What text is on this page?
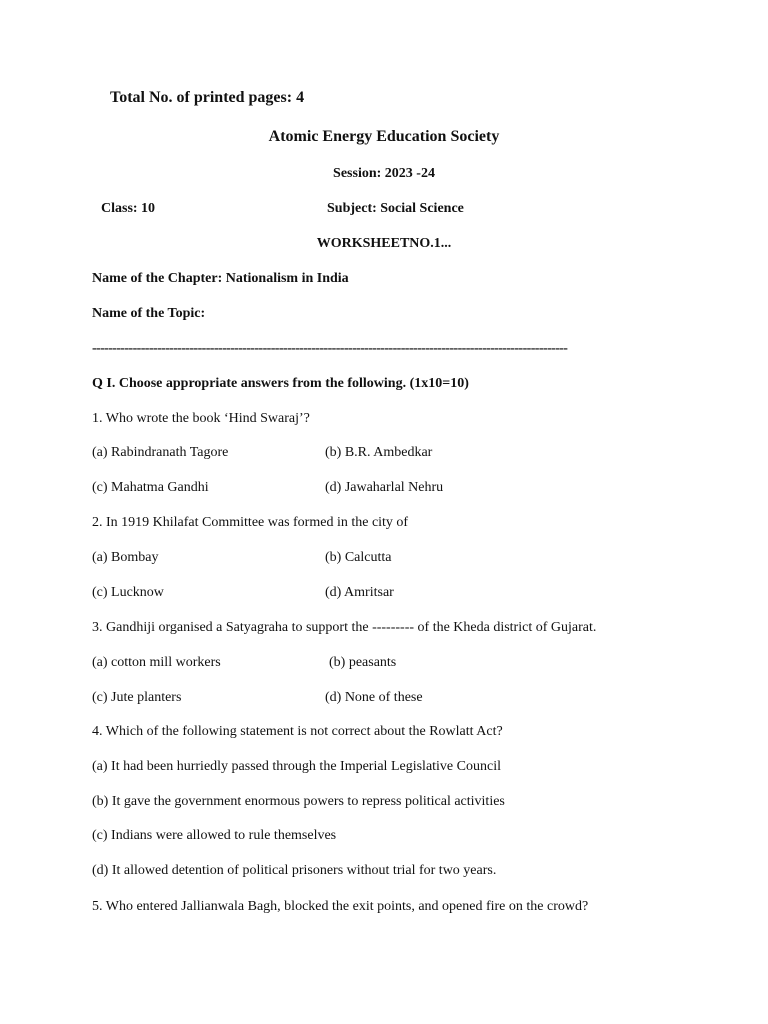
Total No. of printed pages: 4
Atomic Energy Education Society
Session: 2023 -24
Class: 10	Subject: Social Science
WORKSHEETNO.1...
Name of the Chapter: Nationalism in India
Name of the Topic:
---------------------------------------------------------------------------------------------------------------------
Q I. Choose appropriate answers from the following. (1x10=10)
1. Who wrote the book ‘Hind Swaraj’?
(a) Rabindranath Tagore	(b) B.R. Ambedkar
(c) Mahatma Gandhi	(d) Jawaharlal Nehru
2. In 1919 Khilafat Committee was formed in the city of
(a) Bombay	(b) Calcutta
(c) Lucknow	(d) Amritsar
3. Gandhiji organised a Satyagraha to support the --------- of the Kheda district of Gujarat.
(a) cotton mill workers	(b) peasants
(c) Jute planters	(d) None of these
4. Which of the following statement is not correct about the Rowlatt Act?
(a) It had been hurriedly passed through the Imperial Legislative Council
(b) It gave the government enormous powers to repress political activities
(c) Indians were allowed to rule themselves
(d) It allowed detention of political prisoners without trial for two years.
5. Who entered Jallianwala Bagh, blocked the exit points, and opened fire on the crowd?
